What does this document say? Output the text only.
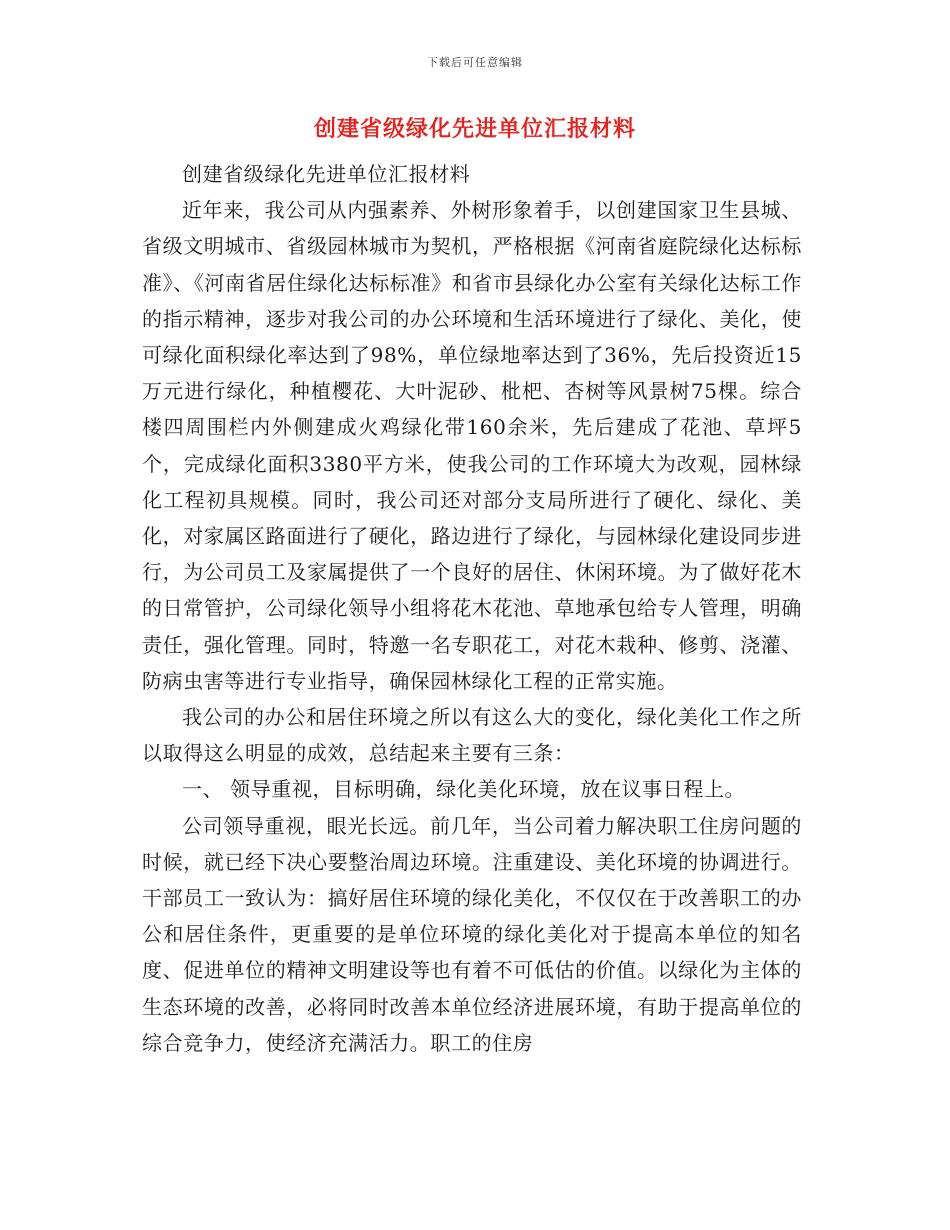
下载后可任意编辑
创建省级绿化先进单位汇报材料

创建省级绿化先进单位汇报材料

近年来，我公司从内强素养、外树形象着手，以创建国家卫生县城、省级文明城市、省级园林城市为契机，严格根据《河南省庭院绿化达标标准》、《河南省居住绿化达标标准》和省市县绿化办公室有关绿化达标工作的指示精神，逐步对我公司的办公环境和生活环境进行了绿化、美化，使可绿化面积绿化率达到了98%，单位绿地率达到了36%，先后投资近15万元进行绿化，种植樱花、大叶泥砂、枇杷、杏树等风景树75棵。综合楼四周围栏内外侧建成火鸡绿化带160余米，先后建成了花池、草坪5个，完成绿化面积3380平方米，使我公司的工作环境大为改观，园林绿化工程初具规模。同时，我公司还对部分支局所进行了硬化、绿化、美化，对家属区路面进行了硬化，路边进行了绿化，与园林绿化建设同步进行，为公司员工及家属提供了一个良好的居住、休闲环境。为了做好花木的日常管护，公司绿化领导小组将花木花池、草地承包给专人管理，明确责任，强化管理。同时，特邀一名专职花工，对花木栽种、修剪、浇灌、防病虫害等进行专业指导，确保园林绿化工程的正常实施。

我公司的办公和居住环境之所以有这么大的变化，绿化美化工作之所以取得这么明显的成效，总结起来主要有三条：

一、 领导重视，目标明确，绿化美化环境，放在议事日程上。

公司领导重视，眼光长远。前几年，当公司着力解决职工住房问题的时候，就已经下决心要整治周边环境。注重建设、美化环境的协调进行。干部员工一致认为：搞好居住环境的绿化美化，不仅仅在于改善职工的办公和居住条件，更重要的是单位环境的绿化美化对于提高本单位的知名度、促进单位的精神文明建设等也有着不可低估的价值。以绿化为主体的生态环境的改善，必将同时改善本单位经济进展环境，有助于提高单位的综合竞争力，使经济充满活力。职工的住房
